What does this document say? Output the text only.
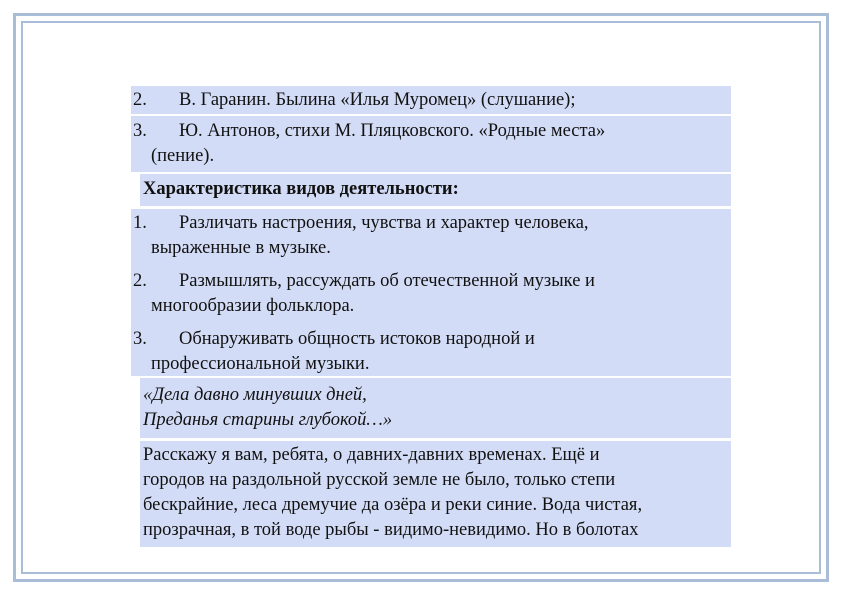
2.	В. Гаранин. Былина «Илья Муромец» (слушание);
3.	Ю. Антонов, стихи М. Пляцковского. «Родные места»
(пение).
Характеристика видов деятельности:
1.	Различать настроения, чувства и характер человека,
выраженные в музыке.
2.	Размышлять, рассуждать об отечественной музыке и
многообразии фольклора.
3.	Обнаруживать общность истоков народной и
профессиональной музыки.
«Дела давно минувших дней,
Преданья старины глубокой…»
Расскажу я вам, ребята, о давних-давних временах. Ещё и
городов на раздольной русской земле не было, только степи
бескрайние, леса дремучие да озёра и реки синие. Вода чистая,
прозрачная, в той воде рыбы - видимо-невидимо. Но в болотах
